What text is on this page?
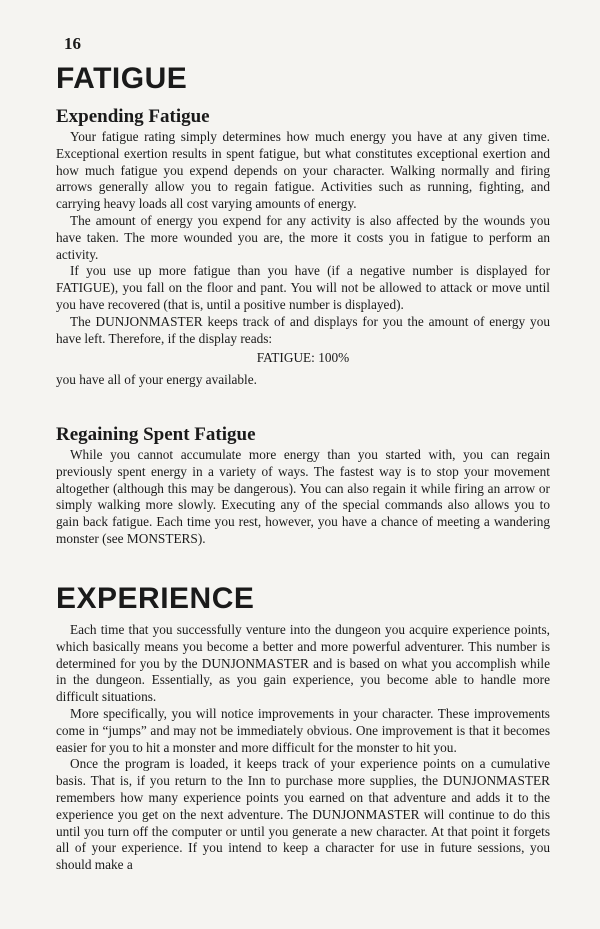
16
FATIGUE
Expending Fatigue

Your fatigue rating simply determines how much energy you have at any given time. Exceptional exertion results in spent fatigue, but what constitutes exceptional exertion and how much fatigue you expend depends on your character. Walking normally and firing arrows generally allow you to regain fatigue. Activities such as running, fighting, and carrying heavy loads all cost varying amounts of energy.

The amount of energy you expend for any activity is also affected by the wounds you have taken. The more wounded you are, the more it costs you in fatigue to perform an activity.

If you use up more fatigue than you have (if a negative number is displayed for FATIGUE), you fall on the floor and pant. You will not be allowed to attack or move until you have recovered (that is, until a positive number is displayed).

The DUNJONMASTER keeps track of and displays for you the amount of energy you have left. Therefore, if the display reads:

FATIGUE: 100%

you have all of your energy available.

Regaining Spent Fatigue

While you cannot accumulate more energy than you started with, you can regain previously spent energy in a variety of ways. The fastest way is to stop your movement altogether (although this may be dangerous). You can also regain it while firing an arrow or simply walking more slowly. Executing any of the special commands also allows you to gain back fatigue. Each time you rest, however, you have a chance of meeting a wandering monster (see MONSTERS).

EXPERIENCE

Each time that you successfully venture into the dungeon you acquire experience points, which basically means you become a better and more powerful adventurer. This number is determined for you by the DUNJONMASTER and is based on what you accomplish while in the dungeon. Essentially, as you gain experience, you become able to handle more difficult situations.

More specifically, you will notice improvements in your character. These improvements come in “jumps” and may not be immediately obvious. One improvement is that it becomes easier for you to hit a monster and more difficult for the monster to hit you.

Once the program is loaded, it keeps track of your experience points on a cumulative basis. That is, if you return to the Inn to purchase more supplies, the DUNJONMASTER remembers how many experience points you earned on that adventure and adds it to the experience you get on the next adventure. The DUNJONMASTER will continue to do this until you turn off the computer or until you generate a new character. At that point it forgets all of your experience. If you intend to keep a character for use in future sessions, you should make a
